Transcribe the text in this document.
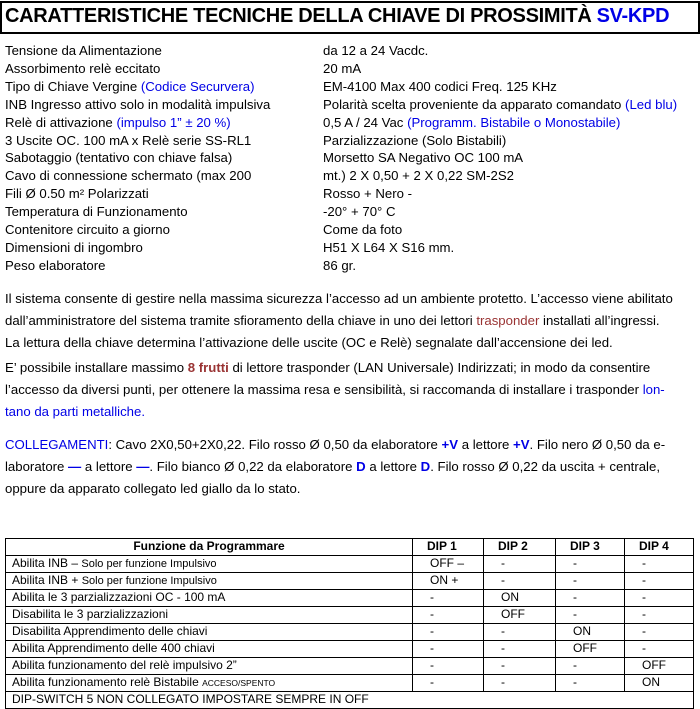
CARATTERISTICHE TECNICHE DELLA CHIAVE DI PROSSIMITÀ SV-KPD
Tensione da Alimentazione	da 12 a 24 Vacdc.
Assorbimento relè eccitato	20 mA
Tipo di Chiave Vergine (Codice Securvera)	EM-4100 Max 400 codici Freq. 125 KHz
INB Ingresso attivo solo in modalità impulsiva	Polarità scelta proveniente da apparato comandato (Led blu)
Relè di attivazione (impulso 1” ± 20 %)	0,5 A / 24 Vac (Programm. Bistabile o Monostabile)
3 Uscite OC. 100 mA x Relè serie SS-RL1	Parzializzazione (Solo Bistabili)
Sabotaggio (tentativo con chiave falsa)	Morsetto SA Negativo OC 100 mA
Cavo di connessione schermato (max 200	mt.) 2 X 0,50 + 2 X 0,22 SM-2S2
Fili Ø 0.50 m² Polarizzati	Rosso + Nero -
Temperatura di Funzionamento	-20° + 70° C
Contenitore circuito a giorno	Come da foto
Dimensioni di ingombro	H51 X L64 X S16 mm.
Peso elaboratore	86 gr.
Il sistema consente di gestire nella massima sicurezza l’accesso ad un ambiente protetto. L’accesso viene abilitato
dall’amministratore del sistema tramite sfioramento della chiave in uno dei lettori trasponder installati all’ingressi.
La lettura della chiave determina l’attivazione delle uscite (OC e Relè) segnalate dall’accensione dei led.
E’ possibile installare massimo 8 frutti di lettore trasponder (LAN Universale) Indirizzati; in modo da consentire
l’accesso da diversi punti, per ottenere la massima resa e sensibilità, si raccomanda di installare i trasponder lon-
tano da parti metalliche.
COLLEGAMENTI: Cavo 2X0,50+2X0,22. Filo rosso Ø 0,50 da elaboratore +V a lettore +V. Filo nero Ø 0,50 da e-
laboratore — a lettore —. Filo bianco Ø 0,22 da elaboratore D a lettore D. Filo rosso Ø 0,22 da uscita + centrale,
oppure da apparato collegato led giallo da lo stato.
Funzione da Programmare	DIP 1	DIP 2	DIP 3	DIP 4
Abilita INB – Solo per funzione Impulsivo	OFF –	-	-	-
Abilita INB + Solo per funzione Impulsivo	ON +	-	-	-
Abilita le 3 parzializzazioni OC - 100 mA	-	ON	-	-
Disabilita le 3 parzializzazioni	-	OFF	-	-
Disabilita Apprendimento delle chiavi	-	-	ON	-
Abilita Apprendimento delle 400 chiavi	-	-	OFF	-
Abilita funzionamento del relè impulsivo 2”	-	-	-	OFF
Abilita funzionamento relè Bistabile ACCESO/SPENTO	-	-	-	ON
DIP-SWITCH 5 NON COLLEGATO IMPOSTARE SEMPRE IN OFF				
